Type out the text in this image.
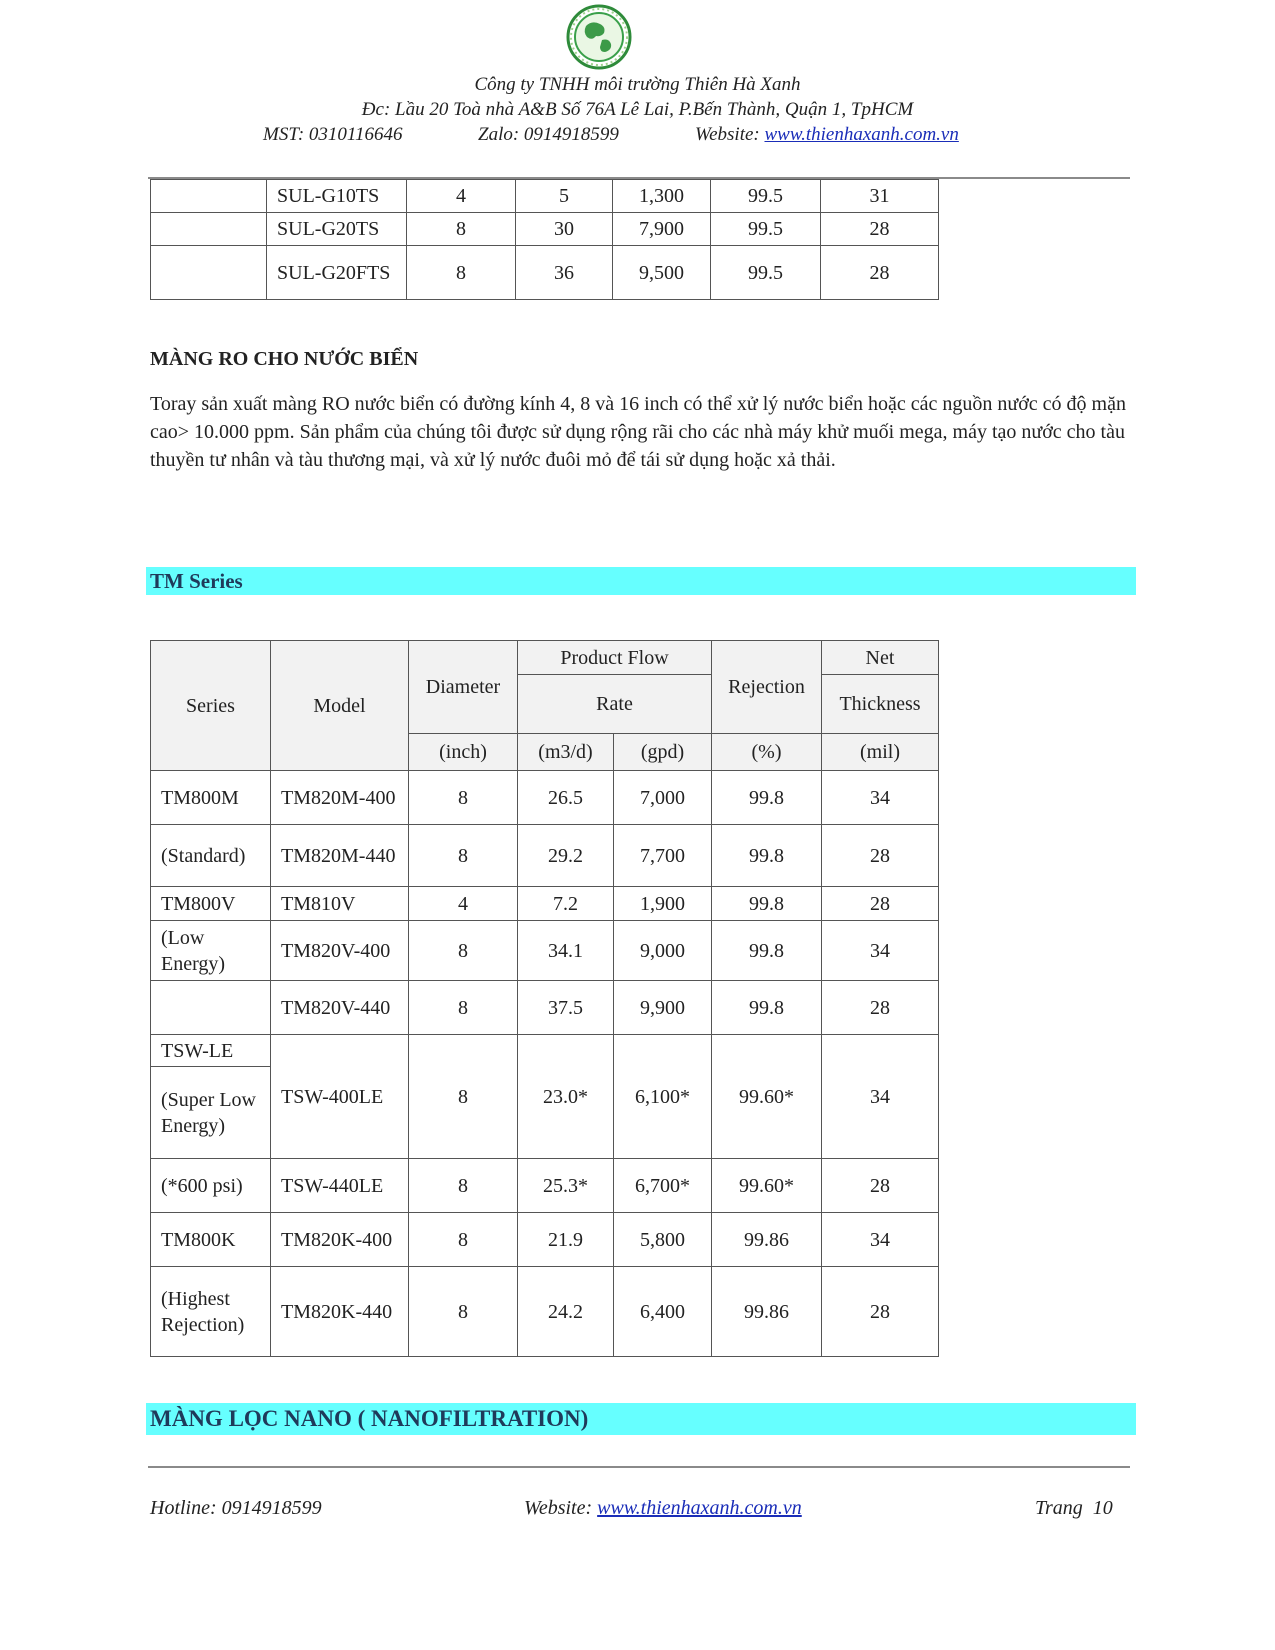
Công ty TNHH môi trường Thiên Hà Xanh
Đc: Lầu 20 Toà nhà A&B Số 76A Lê Lai, P.Bến Thành, Quận 1, TpHCM
MST: 0310116646	Zalo: 0914918599	Website: www.thienhaxanh.com.vn
	SUL-G10TS	4	5	1,300	99.5	31
	SUL-G20TS	8	30	7,900	99.5	28
	SUL-G20FTS	8	36	9,500	99.5	28
MÀNG RO CHO NƯỚC BIỂN
Toray sản xuất màng RO nước biển có đường kính 4, 8 và 16 inch có thể xử lý nước biển hoặc các nguồn nước có độ mặn cao> 10.000 ppm. Sản phẩm của chúng tôi được sử dụng rộng rãi cho các nhà máy khử muối mega, máy tạo nước cho tàu thuyền tư nhân và tàu thương mại, và xử lý nước đuôi mỏ để tái sử dụng hoặc xả thải.
TM Series
Series	Model	Diameter	Product Flow		Rejection	Net
			Rate			Thickness
		(inch)	(m3/d)	(gpd)	(%)	(mil)
TM800M	TM820M-400	8	26.5	7,000	99.8	34
(Standard)	TM820M-440	8	29.2	7,700	99.8	28
TM800V	TM810V	4	7.2	1,900	99.8	28
(Low Energy)	TM820V-400	8	34.1	9,000	99.8	34
	TM820V-440	8	37.5	9,900	99.8	28
TSW-LE	TSW-400LE	8	23.0*	6,100*	99.60*	34
(Super Low Energy)						
(*600 psi)	TSW-440LE	8	25.3*	6,700*	99.60*	28
TM800K	TM820K-400	8	21.9	5,800	99.86	34
(Highest Rejection)	TM820K-440	8	24.2	6,400	99.86	28
MÀNG LỌC NANO ( NANOFILTRATION)
Hotline: 0914918599	Website: www.thienhaxanh.com.vn	Trang  10
